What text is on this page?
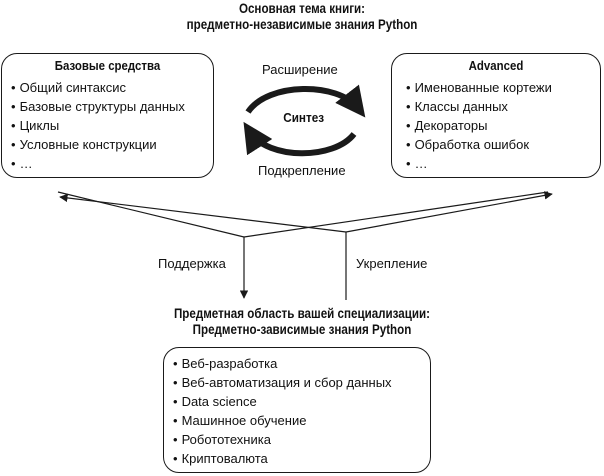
Основная тема книги:
предметно-независимые знания Python
Базовые средства
• Общий синтаксис
• Базовые структуры данных
• Циклы
• Условные конструкции
• …
Advanced
• Именованные кортежи
• Классы данных
• Декораторы
• Обработка ошибок
• …
Расширение
Синтез
Подкрепление
Поддержка	Укрепление
Предметная область вашей специализации:
Предметно-зависимые знания Python
• Веб-разработка
• Веб-автоматизация и сбор данных
• Data science
• Машинное обучение
• Робототехника
• Криптовалюта
